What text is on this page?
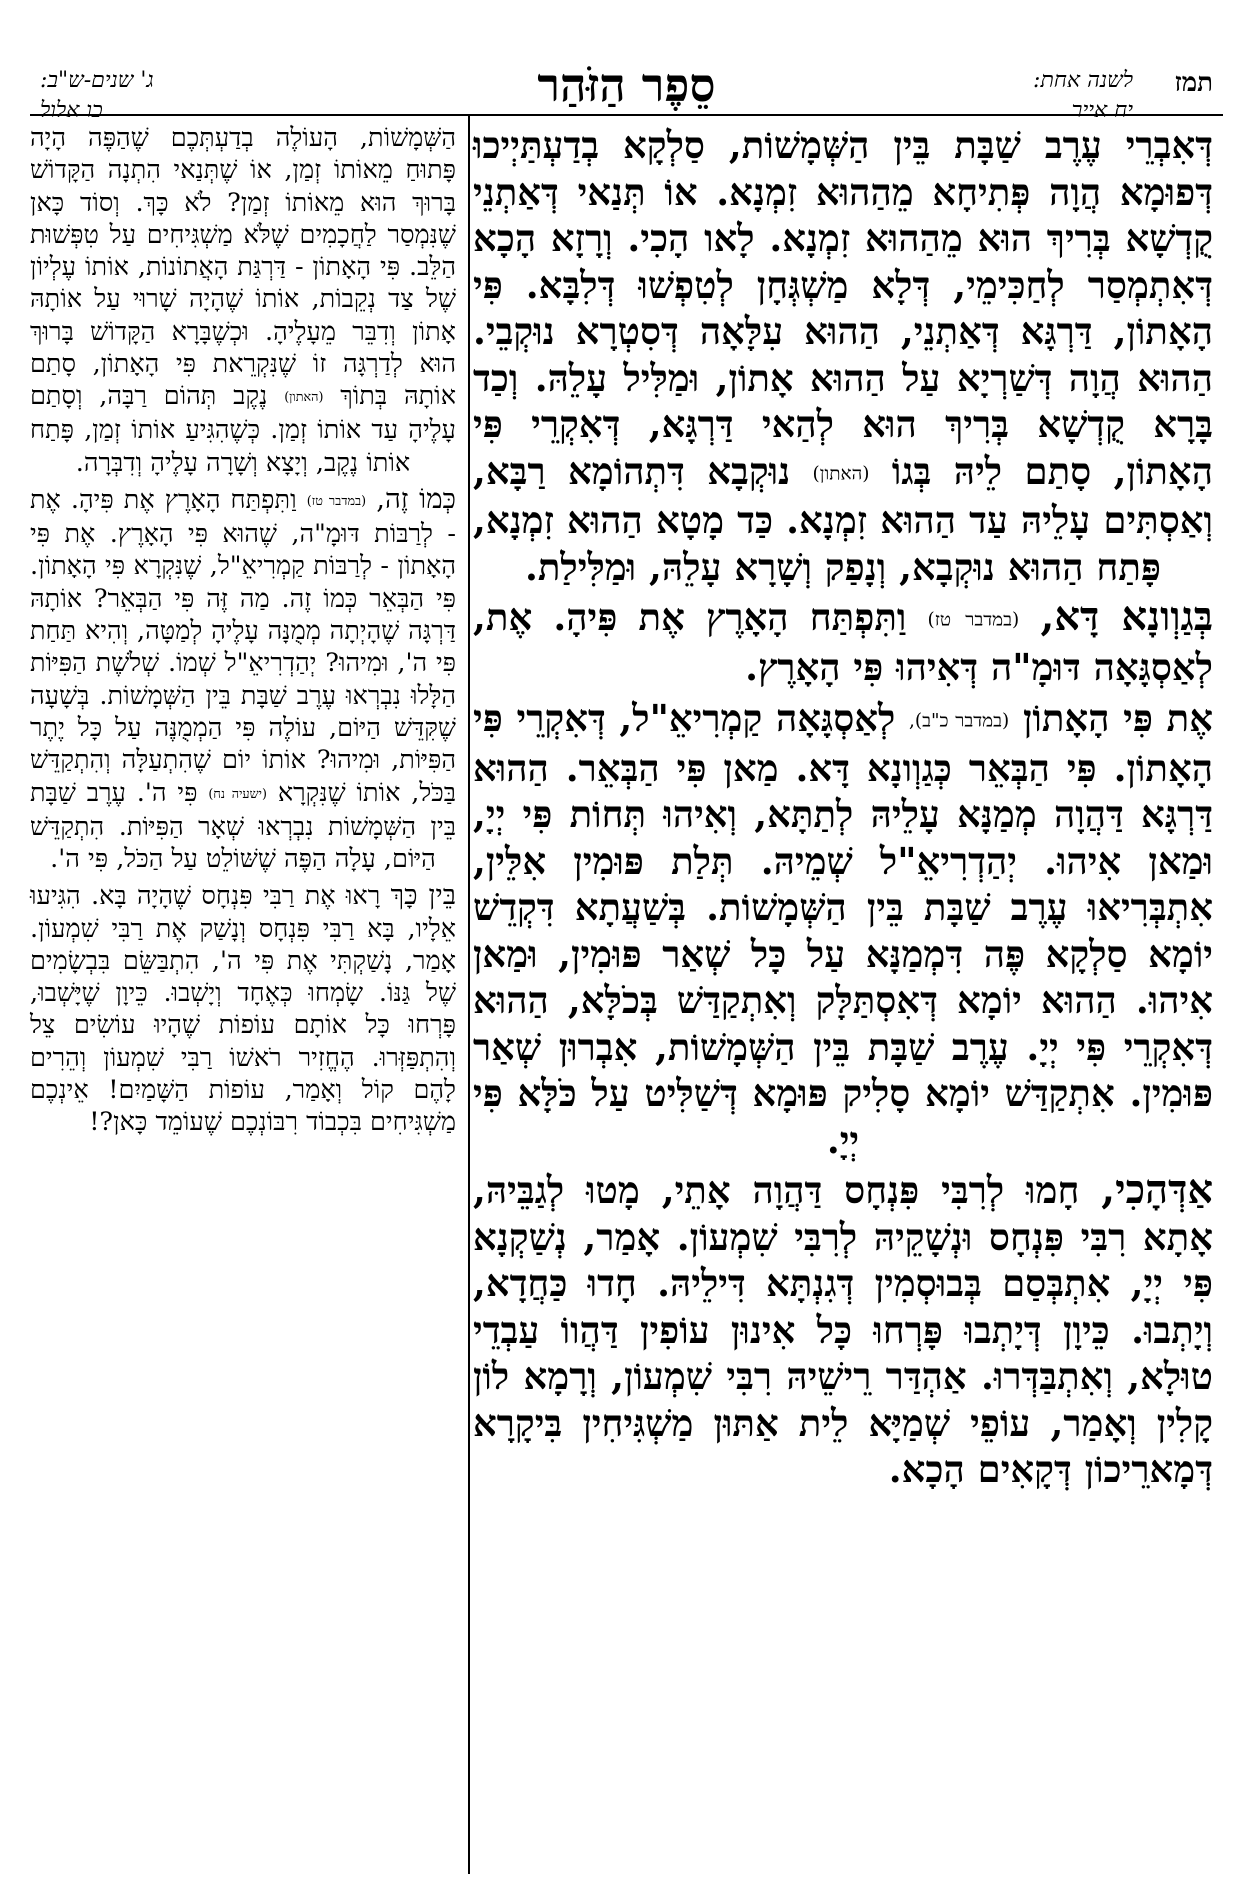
תמז
לשנה אחת:
יח אייר
סֵפֶר הַזֹּהַר
ג' שנים-ש"ב:
כו אלול

דְּאִבְרֵי עֶרֶב שַׁבָּת בֵּין הַשְּׁמָשׁוֹת, סַלְקָא בְדַעְתַּיְיכוּ דְּפוּמָא הֲוָה פְּתִיחָא מֵהַהוּא זִמְנָא. אוֹ תְּנַאי דְּאַתְנֵי קֻדְשָׁא בְּרִיךְ הוּא מֵהַהוּא זִמְנָא. לָאו הָכִי. וְרָזָא הָכָא דְּאִתְמְסַר לְחַכִּימֵי, דְּלָא מַשְׁגְּחָן לְטִפְשׁוּ דְּלִבָּא. פִּי הָאָתוֹן, דַּרְגָּא דְּאַתְנֵי, הַהוּא עִלָּאָה דְּסִטְרָא נוּקְבֵי. הַהוּא הֲוָה דְּשַׁרְיָא עַל הַהוּא אָתוֹן, וּמַלִּיל עָלֵהּ. וְכַד בָּרָא קֻדְשָׁא בְּרִיךְ הוּא לְהַאי דַּרְגָּא, דְּאִקְרֵי פִּי הָאָתוֹן, סָתַם לֵיהּ בְּגוֹ (האתון) נוּקְבָא דִּתְהוֹמָא רַבָּא, וְאַסְתִּים עָלֵיהּ עַד הַהוּא זִמְנָא. כַּד מָטָא הַהוּא זִמְנָא, פָּתַח הַהוּא נוּקְבָא, וְנָפַק וְשָׁרָא עָלֵהּ, וּמַלִּילַת.

בְּגַוְונָא דָּא, (במדבר טז) וַתִּפְתַּח הָאָרֶץ אֶת פִּיהָ. אֶת, לְאַסְגָּאָה דּוּמָ"ה דְּאִיהוּ פִּי הָאָרֶץ.

אֶת פִּי הָאָתוֹן (במדבר כ"ב), לְאַסְגָּאָה קַמְרִיאֵ"ל, דְּאִקְרֵי פִּי הָאָתוֹן. פִּי הַבְּאֵר כְּגַוְונָא דָּא. מַאן פִּי הַבְּאֵר. הַהוּא דַּרְגָּא דַּהֲוָה מְמַנָּא עָלֵיהּ לְתַתָּא, וְאִיהוּ תְּחוֹת פִּי יְיָ, וּמַאן אִיהוּ. יְהַדְרִיאֵ"ל שְׁמֵיהּ. תְּלַת פּוּמִין אִלֵּין, אִתְבְּרִיאוּ עֶרֶב שַׁבָּת בֵּין הַשְּׁמָשׁוֹת. בְּשַׁעֲתָא דִּקְדֵשׁ יוֹמָא סַלְקָא פֶּה דִּמְמַנָּא עַל כָּל שְׁאַר פּוּמִין, וּמַאן אִיהוּ. הַהוּא יוֹמָא דְּאִסְתַּלָּק וְאִתְקַדַּשׁ בְּכֹלָּא, הַהוּא דְּאִקְרֵי פִּי יְיָ. עֶרֶב שַׁבָּת בֵּין הַשְּׁמָשׁוֹת, אִבְרוּן שְׁאַר פּוּמִין. אִתְקַדַּשׁ יוֹמָא סָלִיק פּוּמָא דְּשַׁלִּיט עַל כֹּלָּא פִּי יְיָ.

אַדְּהָכִי, חָמוּ לְרִבִּי פִּנְחָס דַּהֲוָה אָתֵי, מָטוּ לְגַבֵּיהּ, אָתָא רִבִּי פִּנְחָס וּנְשָׁקֵיהּ לְרִבִּי שִׁמְעוֹן. אָמַר, נְשַׁקְנָא פִּי יְיָ, אִתְבְּסַם בְּבוּסְמִין דְּגִנְתָּא דִּילֵיהּ. חָדוּ כַּחֲדָא, וְיָתְבוּ. כֵּיוָן דְּיָתְבוּ פָּרְחוּ כָּל אִינוּן עוֹפִין דַּהֲווֹ עַבְדֵי טוּלָא, וְאִתְבַּדְּרוּ. אַהְדַּר רֵישֵׁיהּ רִבִּי שִׁמְעוֹן, וְרָמָא לוֹן קָלִין וְאָמַר, עוֹפֵי שְׁמַיָּא לֵית אַתּוּן מַשְׁגִּיחִין בִּיקָרָא דְּמָארֵיכוֹן דְּקָאִים הָכָא.

הַשְּׁמָשׁוֹת, הָעוֹלֶה בְדַעְתְּכֶם שֶׁהַפֶּה הָיָה פָּתוּחַ מֵאוֹתוֹ זְמַן, אוֹ שֶׁתְּנַאי הִתְנָה הַקָּדוֹשׁ בָּרוּךְ הוּא מֵאוֹתוֹ זְמַן? לֹא כָּךְ. וְסוֹד כָּאן שֶׁנִּמְסַר לַחֲכָמִים שֶׁלֹּא מַשְׁגִּיחִים עַל טִפְּשׁוּת הַלֵּב. פִּי הָאָתוֹן - דַּרְגַּת הָאֲתוֹנוֹת, אוֹתוֹ עֶלְיוֹן שֶׁל צַד נְקֵבוֹת, אוֹתוֹ שֶׁהָיָה שָׁרוּי עַל אוֹתָהּ אָתוֹן וְדִבֵּר מֵעָלֶיהָ. וּכְשֶׁבָּרָא הַקָּדוֹשׁ בָּרוּךְ הוּא לְדַרְגָּה זוֹ שֶׁנִּקְרֵאת פִּי הָאָתוֹן, סָתַם אוֹתָהּ בְּתוֹךְ (האתון) נֶקֶב תְּהוֹם רַבָּה, וְסָתַם עָלֶיהָ עַד אוֹתוֹ זְמַן. כְּשֶׁהִגִּיעַ אוֹתוֹ זְמַן, פָּתַח אוֹתוֹ נֶקֶב, וְיָצָא וְשָׁרָה עָלֶיהָ וְדִבְּרָה.

כְּמוֹ זֶה, (במדבר טז) וַתִּפְתַּח הָאָרֶץ אֶת פִּיהָ. אֶת - לְרַבּוֹת דּוּמָ"ה, שֶׁהוּא פִּי הָאָרֶץ. אֶת פִּי הָאָתוֹן - לְרַבּוֹת קַמְרִיאֵ"ל, שֶׁנִּקְרָא פִּי הָאָתוֹן. פִּי הַבְּאֵר כְּמוֹ זֶה. מַה זֶּה פִּי הַבְּאֵר? אוֹתָהּ דַּרְגָּה שֶׁהָיְתָה מְמֻנָּה עָלֶיהָ לְמַטָּה, וְהִיא תַּחַת פִּי ה', וּמִיהוּ? יְהַדְרִיאֵ"ל שְׁמוֹ. שְׁלֹשֶׁת הַפִּיּוֹת הַלָּלוּ נִבְרְאוּ עֶרֶב שַׁבָּת בֵּין הַשְּׁמָשׁוֹת. בְּשָׁעָה שֶׁקִּדֵּשׁ הַיּוֹם, עוֹלֶה פִּי הַמְמֻנֶּה עַל כָּל יֶתֶר הַפִּיּוֹת, וּמִיהוּ? אוֹתוֹ יוֹם שֶׁהִתְעַלָּה וְהִתְקַדֵּשׁ בַּכֹּל, אוֹתוֹ שֶׁנִּקְרָא (ישעיה נח) פִּי ה'. עֶרֶב שַׁבָּת בֵּין הַשְּׁמָשׁוֹת נִבְרְאוּ שְׁאָר הַפִּיּוֹת. הִתְקַדֵּשׁ הַיּוֹם, עָלָה הַפֶּה שֶׁשּׁוֹלֵט עַל הַכֹּל, פִּי ה'.

בֵּין כָּךְ רָאוּ אֶת רַבִּי פִּנְחָס שֶׁהָיָה בָּא. הִגִּיעוּ אֵלָיו, בָּא רַבִּי פִּנְחָס וְנָשַׁק אֶת רַבִּי שִׁמְעוֹן. אָמַר, נָשַׁקְתִּי אֶת פִּי ה', הִתְבַּשֵּׂם בִּבְשָׂמִים שֶׁל גַּנּוֹ. שָׂמְחוּ כְּאֶחָד וְיָשְׁבוּ. כֵּיוָן שֶׁיָּשְׁבוּ, פָּרְחוּ כָּל אוֹתָם עוֹפוֹת שֶׁהָיוּ עוֹשִׂים צֵל וְהִתְפַּזְּרוּ. הֶחֱזִיר רֹאשׁוֹ רַבִּי שִׁמְעוֹן וְהֵרִים לָהֶם קוֹל וְאָמַר, עוֹפוֹת הַשָּׁמַיִם! אֵינְכֶם מַשְׁגִּיחִים בִּכְבוֹד רִבּוֹנְכֶם שֶׁעוֹמֵד כָּאן?!
